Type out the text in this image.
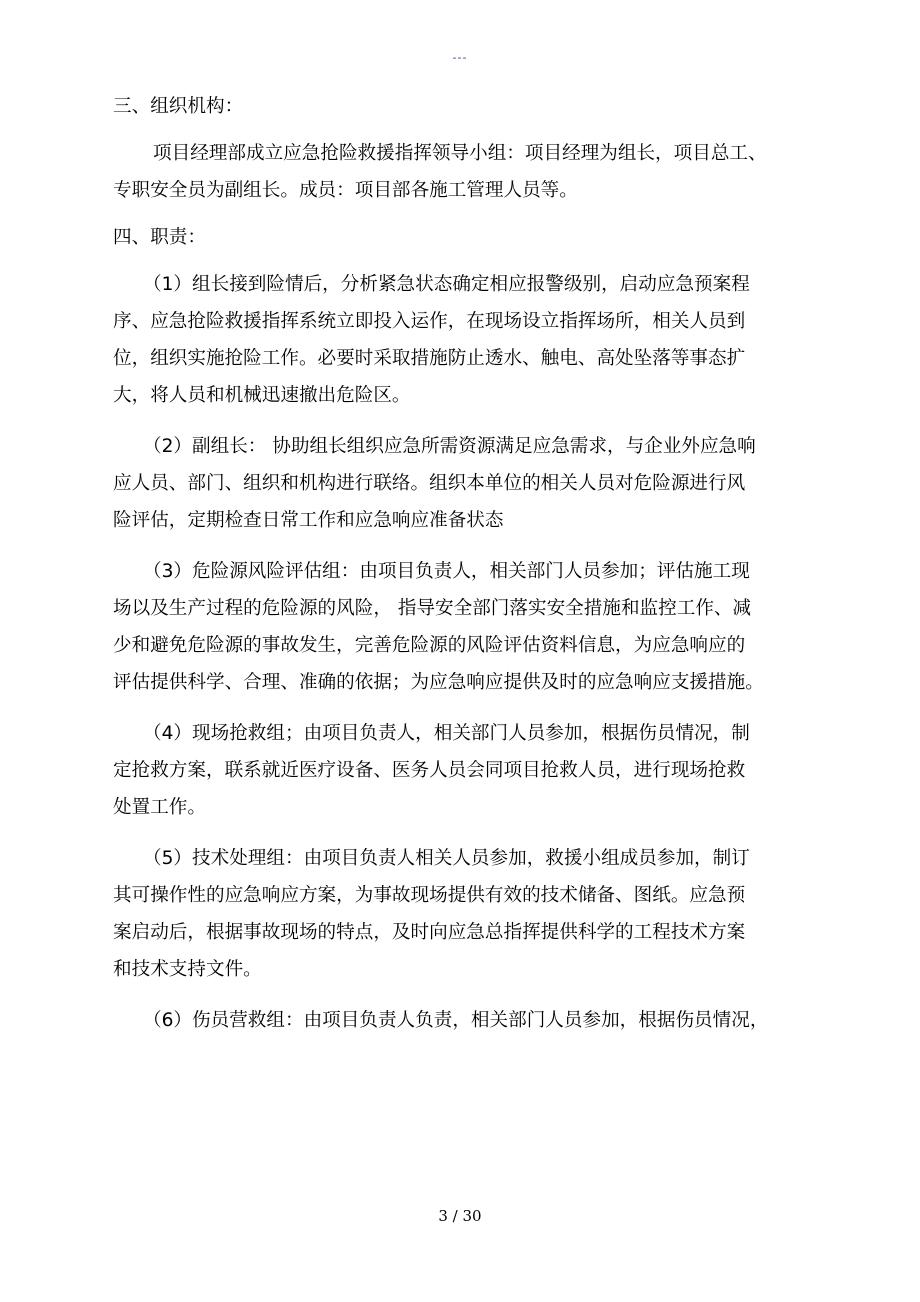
---
三、组织机构：
项目经理部成立应急抢险救援指挥领导小组：项目经理为组长，项目总工、
专职安全员为副组长。成员：项目部各施工管理人员等。
四、职责：
（1）组长接到险情后，分析紧急状态确定相应报警级别，启动应急预案程
序、应急抢险救援指挥系统立即投入运作，在现场设立指挥场所，相关人员到
位，组织实施抢险工作。必要时采取措施防止透水、触电、高处坠落等事态扩
大，将人员和机械迅速撤出危险区。
（2）副组长： 协助组长组织应急所需资源满足应急需求，与企业外应急响
应人员、部门、组织和机构进行联络。组织本单位的相关人员对危险源进行风
险评估，定期检查日常工作和应急响应准备状态
（3）危险源风险评估组：由项目负责人，相关部门人员参加；评估施工现
场以及生产过程的危险源的风险， 指导安全部门落实安全措施和监控工作、减
少和避免危险源的事故发生，完善危险源的风险评估资料信息，为应急响应的
评估提供科学、合理、准确的依据；为应急响应提供及时的应急响应支援措施。
（4）现场抢救组；由项目负责人，相关部门人员参加，根据伤员情况，制
定抢救方案，联系就近医疗设备、医务人员会同项目抢救人员，进行现场抢救
处置工作。
（5）技术处理组：由项目负责人相关人员参加，救援小组成员参加，制订
其可操作性的应急响应方案，为事故现场提供有效的技术储备、图纸。应急预
案启动后，根据事故现场的特点，及时向应急总指挥提供科学的工程技术方案
和技术支持文件。
（6）伤员营救组：由项目负责人负责，相关部门人员参加，根据伤员情况，
3 / 30
